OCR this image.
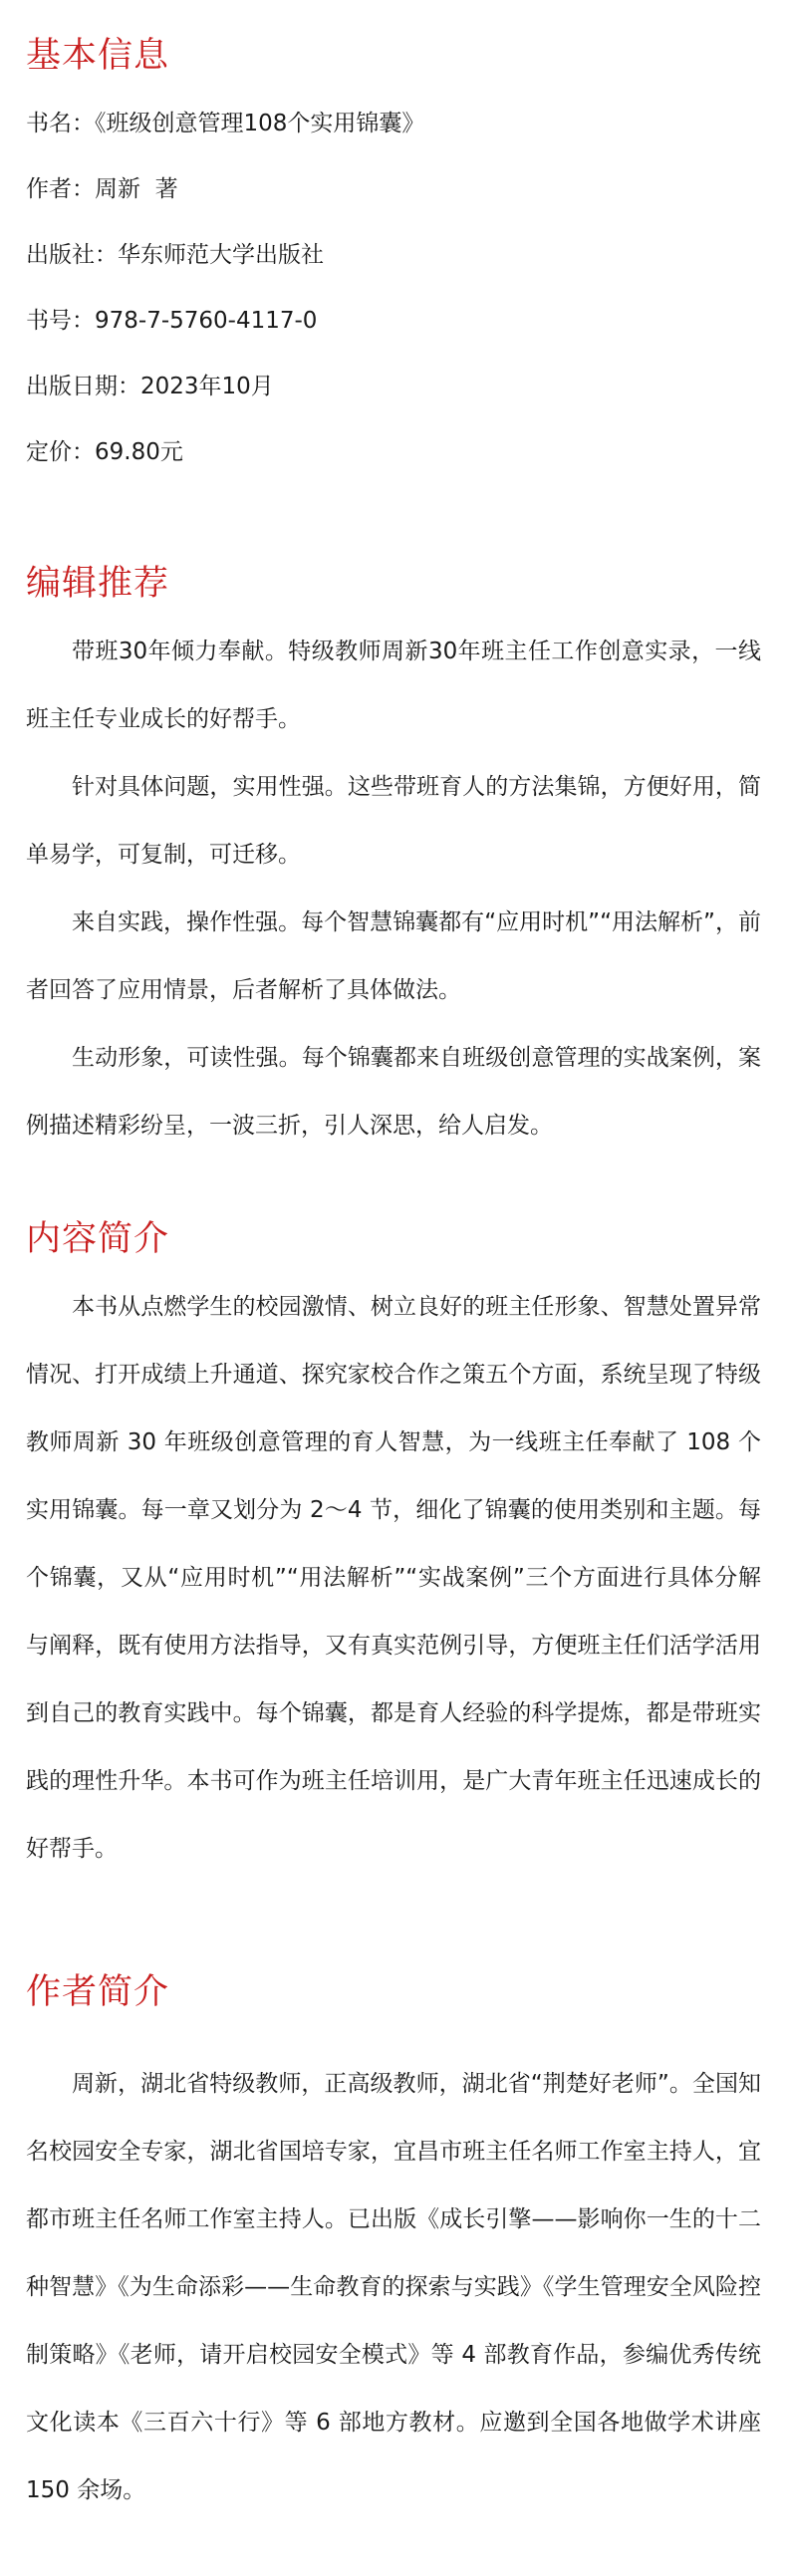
基本信息

书名：《班级创意管理108个实用锦囊》

作者：周新  著

出版社：华东师范大学出版社

书号：978-7-5760-4117-0

出版日期：2023年10月

定价：69.80元

编辑推荐

带班30年倾力奉献。特级教师周新30年班主任工作创意实录，一线班主任专业成长的好帮手。

针对具体问题，实用性强。这些带班育人的方法集锦，方便好用，简单易学，可复制，可迁移。

来自实践，操作性强。每个智慧锦囊都有“应用时机”“用法解析”，前者回答了应用情景，后者解析了具体做法。

生动形象，可读性强。每个锦囊都来自班级创意管理的实战案例，案例描述精彩纷呈，一波三折，引人深思，给人启发。

内容简介

本书从点燃学生的校园激情、树立良好的班主任形象、智慧处置异常情况、打开成绩上升通道、探究家校合作之策五个方面，系统呈现了特级教师周新 30 年班级创意管理的育人智慧，为一线班主任奉献了 108 个实用锦囊。每一章又划分为 2～4 节，细化了锦囊的使用类别和主题。每个锦囊，又从“应用时机”“用法解析”“实战案例”三个方面进行具体分解与阐释，既有使用方法指导，又有真实范例引导，方便班主任们活学活用到自己的教育实践中。每个锦囊，都是育人经验的科学提炼，都是带班实践的理性升华。本书可作为班主任培训用，是广大青年班主任迅速成长的好帮手。

作者简介

周新，湖北省特级教师，正高级教师，湖北省“荆楚好老师”。全国知名校园安全专家，湖北省国培专家，宜昌市班主任名师工作室主持人，宜都市班主任名师工作室主持人。已出版《成长引擎——影响你一生的十二种智慧》《为生命添彩——生命教育的探索与实践》《学生管理安全风险控制策略》《老师，请开启校园安全模式》等 4 部教育作品，参编优秀传统文化读本《三百六十行》等 6 部地方教材。应邀到全国各地做学术讲座 150 余场。
